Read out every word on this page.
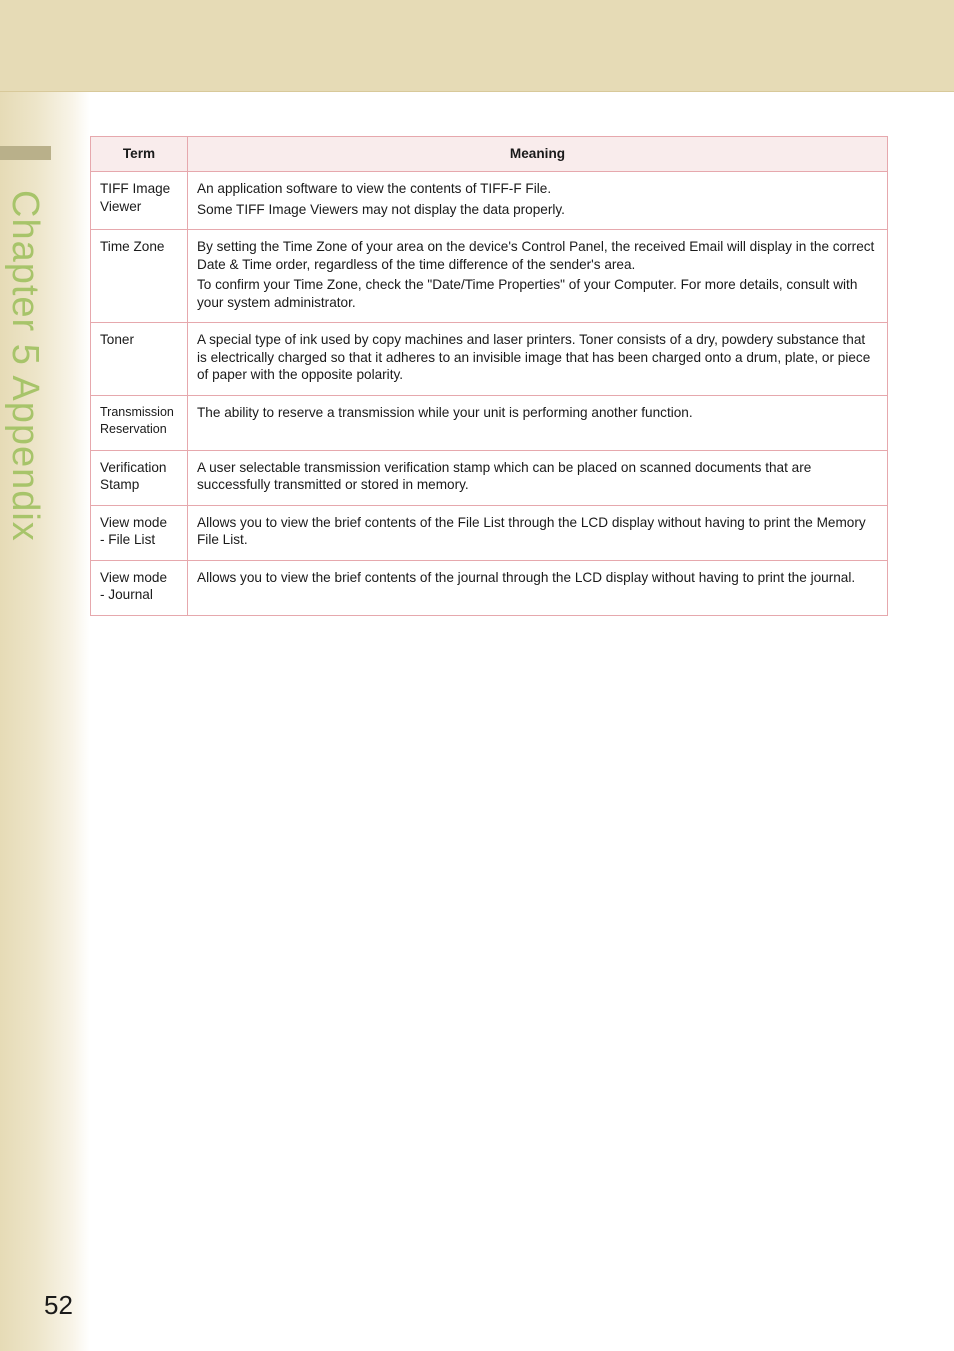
Chapter 5 Appendix
52
Term	Meaning

TIFF Image
Viewer	An application software to view the contents of TIFF-F File.
Some TIFF Image Viewers may not display the data properly.

Time Zone	By setting the Time Zone of your area on the device's Control Panel, the received Email will display in the correct Date & Time order, regardless of the time difference of the sender's area.
To confirm your Time Zone, check the "Date/Time Properties" of your Computer. For more details, consult with your system administrator.

Toner	A special type of ink used by copy machines and laser printers. Toner consists of a dry, powdery substance that is electrically charged so that it adheres to an invisible image that has been charged onto a drum, plate, or piece of paper with the opposite polarity.

Transmission
Reservation	The ability to reserve a transmission while your unit is performing another function.

Verification
Stamp	A user selectable transmission verification stamp which can be placed on scanned documents that are successfully transmitted or stored in memory.

View mode
- File List	Allows you to view the brief contents of the File List through the LCD display without having to print the Memory File List.

View mode
- Journal	Allows you to view the brief contents of the journal through the LCD display without having to print the journal.
